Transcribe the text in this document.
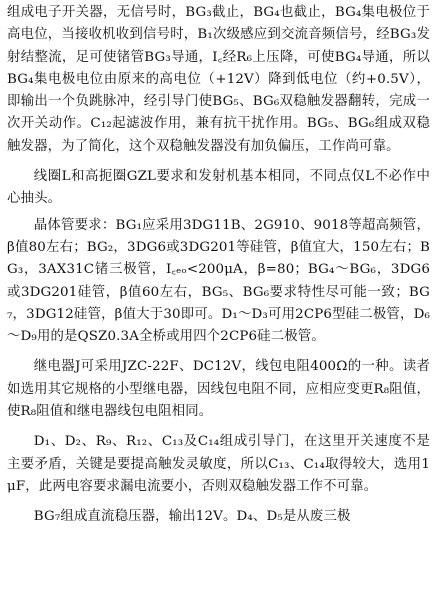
组成电子开关器，无信号时，BG₃截止，BG₄也截止，BG₄集电极位于高电位，当接收机收到信号时，B₁次级感应到交流音频信号，经BG₃发射结整流，足可使锗管BG₃导通，I꜀经R₆上压降，可使BG₄导通，所以BG₄集电极电位由原来的高电位（+12V）降到低电位（约+0.5V），即输出一个负跳脉冲，经引导门使BG₅、BG₆双稳触发器翻转，完成一次开关动作。C₁₂起滤波作用，兼有抗干扰作用。BG₅、BG₆组成双稳触发器，为了简化，这个双稳触发器没有加负偏压，工作尚可靠。

线圈L和高扼圈GZL要求和发射机基本相同，不同点仅L不必作中心抽头。

晶体管要求：BG₁应采用3DG11B、2G910、9018等超高频管，β值80左右；BG₂，3DG6或3DG201等硅管，β值宜大，150左右；BG₃，3AX31C锗三极管，I꜀ₑₒ<200μA，β=80；BG₄～BG₆，3DG6或3DG201硅管，β值60左右，BG₅、BG₆要求特性尽可能一致；BG₇，3DG12硅管，β值大于30即可。D₁～D₃可用2CP6型硅二极管，D₆～D₉用的是QSZ0.3A全桥或用四个2CP6硅二极管。

继电器J可采用JZC-22F、DC12V，线包电阻400Ω的一种。读者如选用其它规格的小型继电器，因线包电阻不同，应相应变更R₈阻值，使R₈阻值和继电器线包电阻相同。

D₁、D₂、R₉、R₁₂、C₁₃及C₁₄组成引导门，在这里开关速度不是主要矛盾，关键是要提高触发灵敏度，所以C₁₃、C₁₄取得较大，选用1μF，此两电容要求漏电流要小，否则双稳触发器工作不可靠。

BG₇组成直流稳压器，输出12V。D₄、D₅是从废三极
